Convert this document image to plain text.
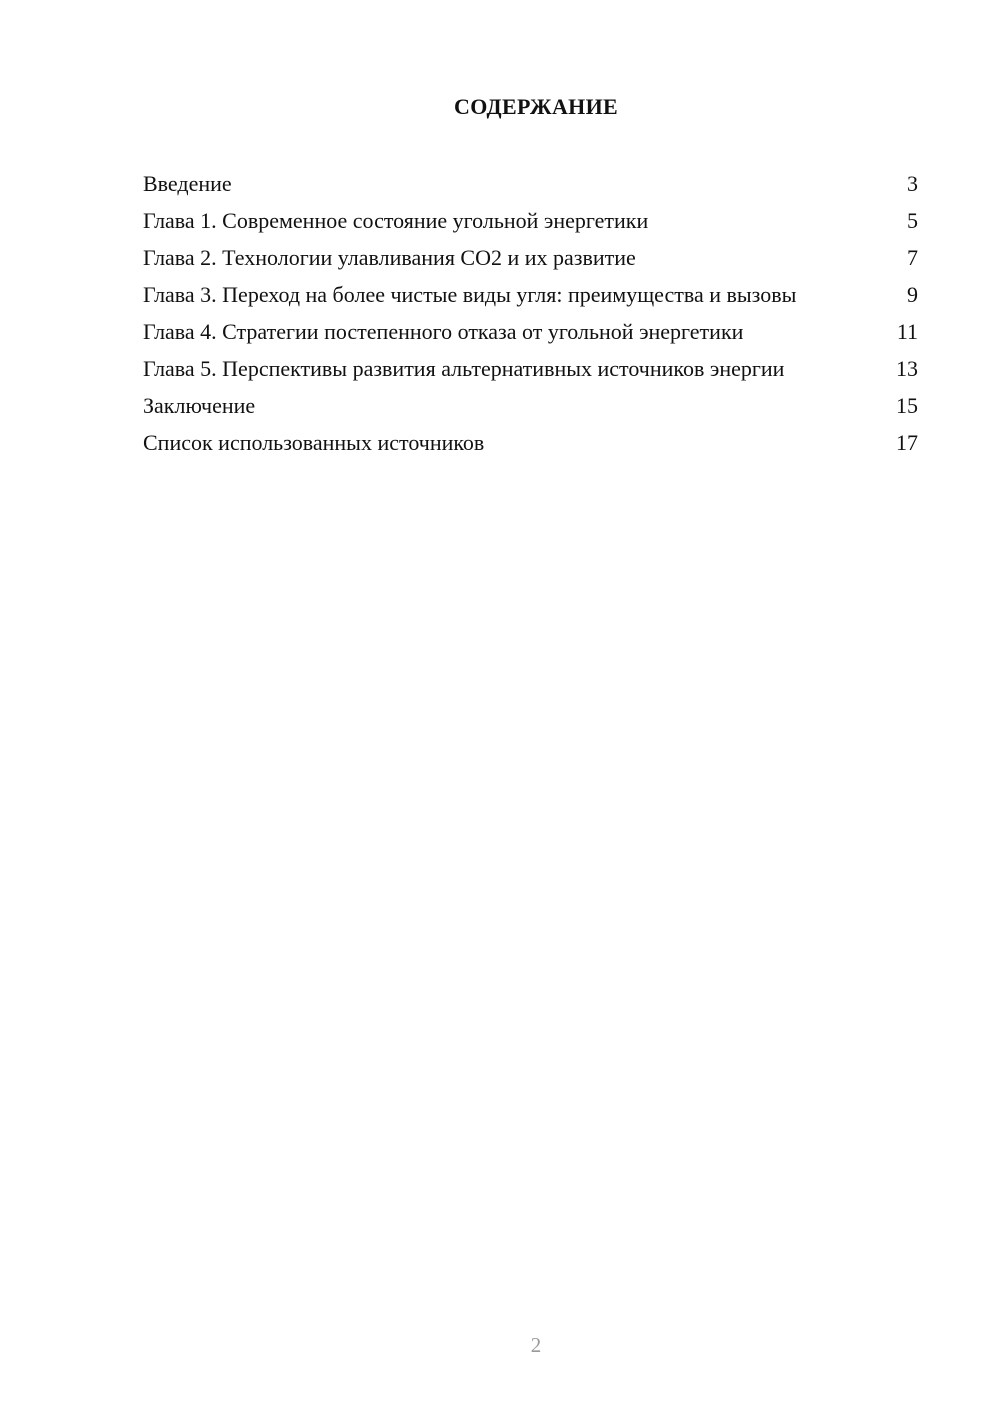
СОДЕРЖАНИЕ
Введение	3
Глава 1. Современное состояние угольной энергетики	5
Глава 2. Технологии улавливания CO2 и их развитие	7
Глава 3. Переход на более чистые виды угля: преимущества и вызовы	9
Глава 4. Стратегии постепенного отказа от угольной энергетики	11
Глава 5. Перспективы развития альтернативных источников энергии	13
Заключение	15
Список использованных источников	17
2
